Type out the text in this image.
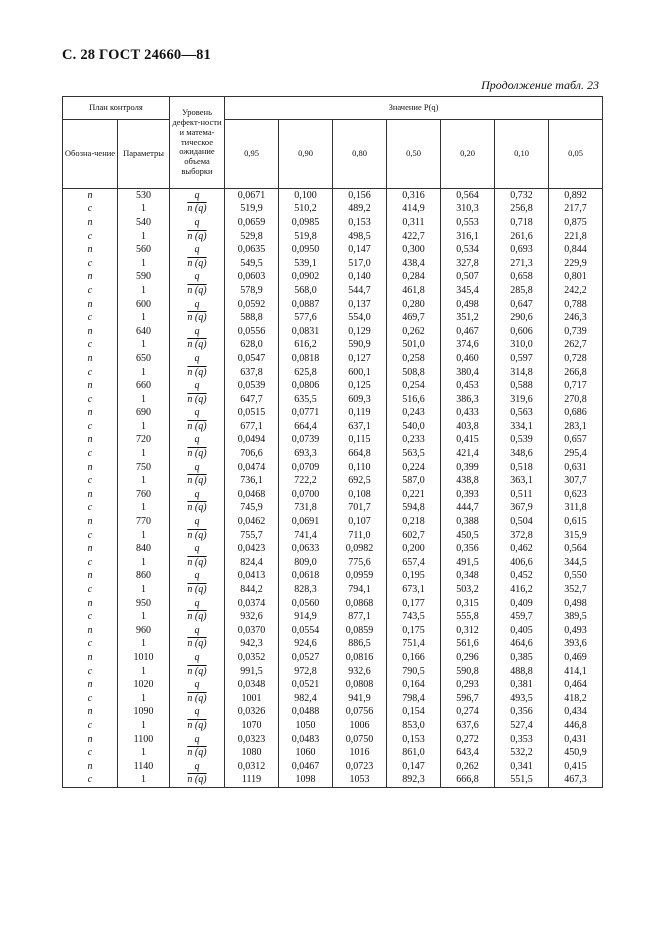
С. 28 ГОСТ 24660—81
Продолжение табл. 23
План контроля		Уровень дефект-ности и матема-тическое ожидание объема выборки	Значение P(q)						
Обозна-чение	Параметры		0,95	0,90	0,80	0,50	0,20	0,10	0,05
n	530	q	0,0671	0,100	0,156	0,316	0,564	0,732	0,892
c	1	n (q)	519,9	510,2	489,2	414,9	310,3	256,8	217,7
n	540	q	0,0659	0,0985	0,153	0,311	0,553	0,718	0,875
c	1	n (q)	529,8	519,8	498,5	422,7	316,1	261,6	221,8
n	560	q	0,0635	0,0950	0,147	0,300	0,534	0,693	0,844
c	1	n (q)	549,5	539,1	517,0	438,4	327,8	271,3	229,9
n	590	q	0,0603	0,0902	0,140	0,284	0,507	0,658	0,801
c	1	n (q)	578,9	568,0	544,7	461,8	345,4	285,8	242,2
n	600	q	0,0592	0,0887	0,137	0,280	0,498	0,647	0,788
c	1	n (q)	588,8	577,6	554,0	469,7	351,2	290,6	246,3
n	640	q	0,0556	0,0831	0,129	0,262	0,467	0,606	0,739
c	1	n (q)	628,0	616,2	590,9	501,0	374,6	310,0	262,7
n	650	q	0,0547	0,0818	0,127	0,258	0,460	0,597	0,728
c	1	n (q)	637,8	625,8	600,1	508,8	380,4	314,8	266,8
n	660	q	0,0539	0,0806	0,125	0,254	0,453	0,588	0,717
c	1	n (q)	647,7	635,5	609,3	516,6	386,3	319,6	270,8
n	690	q	0,0515	0,0771	0,119	0,243	0,433	0,563	0,686
c	1	n (q)	677,1	664,4	637,1	540,0	403,8	334,1	283,1
n	720	q	0,0494	0,0739	0,115	0,233	0,415	0,539	0,657
c	1	n (q)	706,6	693,3	664,8	563,5	421,4	348,6	295,4
n	750	q	0,0474	0,0709	0,110	0,224	0,399	0,518	0,631
c	1	n (q)	736,1	722,2	692,5	587,0	438,8	363,1	307,7
n	760	q	0,0468	0,0700	0,108	0,221	0,393	0,511	0,623
c	1	n (q)	745,9	731,8	701,7	594,8	444,7	367,9	311,8
n	770	q	0,0462	0,0691	0,107	0,218	0,388	0,504	0,615
c	1	n (q)	755,7	741,4	711,0	602,7	450,5	372,8	315,9
n	840	q	0,0423	0,0633	0,0982	0,200	0,356	0,462	0,564
c	1	n (q)	824,4	809,0	775,6	657,4	491,5	406,6	344,5
n	860	q	0,0413	0,0618	0,0959	0,195	0,348	0,452	0,550
c	1	n (q)	844,2	828,3	794,1	673,1	503,2	416,2	352,7
n	950	q	0,0374	0,0560	0,0868	0,177	0,315	0,409	0,498
c	1	n (q)	932,6	914,9	877,1	743,5	555,8	459,7	389,5
n	960	q	0,0370	0,0554	0,0859	0,175	0,312	0,405	0,493
c	1	n (q)	942,3	924,6	886,5	751,4	561,6	464,6	393,6
n	1010	q	0,0352	0,0527	0,0816	0,166	0,296	0,385	0,469
c	1	n (q)	991,5	972,8	932,6	790,5	590,8	488,8	414,1
n	1020	q	0,0348	0,0521	0,0808	0,164	0,293	0,381	0,464
c	1	n (q)	1001	982,4	941,9	798,4	596,7	493,5	418,2
n	1090	q	0,0326	0,0488	0,0756	0,154	0,274	0,356	0,434
c	1	n (q)	1070	1050	1006	853,0	637,6	527,4	446,8
n	1100	q	0,0323	0,0483	0,0750	0,153	0,272	0,353	0,431
c	1	n (q)	1080	1060	1016	861,0	643,4	532,2	450,9
n	1140	q	0,0312	0,0467	0,0723	0,147	0,262	0,341	0,415
c	1	n (q)	1119	1098	1053	892,3	666,8	551,5	467,3
